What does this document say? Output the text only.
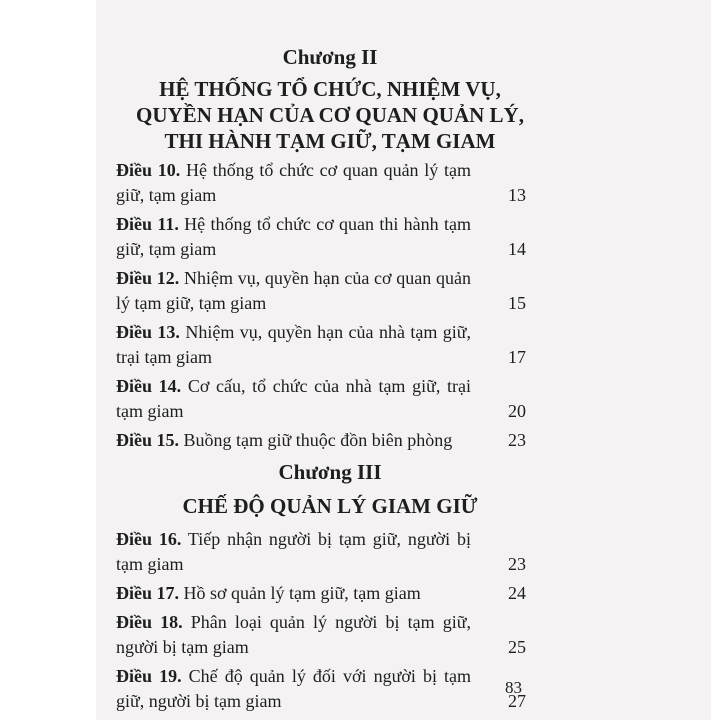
Chương II
HỆ THỐNG TỔ CHỨC, NHIỆM VỤ,
QUYỀN HẠN CỦA CƠ QUAN QUẢN LÝ,
THI HÀNH TẠM GIỮ, TẠM GIAM
Điều 10. Hệ thống tổ chức cơ quan quản lý tạm giữ, tạm giam	13
Điều 11. Hệ thống tổ chức cơ quan thi hành tạm giữ, tạm giam	14
Điều 12. Nhiệm vụ, quyền hạn của cơ quan quản lý tạm giữ, tạm giam	15
Điều 13. Nhiệm vụ, quyền hạn của nhà tạm giữ, trại tạm giam	17
Điều 14. Cơ cấu, tổ chức của nhà tạm giữ, trại tạm giam	20
Điều 15. Buồng tạm giữ thuộc đồn biên phòng	23
Chương III
CHẾ ĐỘ QUẢN LÝ GIAM GIỮ
Điều 16. Tiếp nhận người bị tạm giữ, người bị tạm giam	23
Điều 17. Hồ sơ quản lý tạm giữ, tạm giam	24
Điều 18. Phân loại quản lý người bị tạm giữ, người bị tạm giam	25
Điều 19. Chế độ quản lý đối với người bị tạm giữ, người bị tạm giam	27
83
